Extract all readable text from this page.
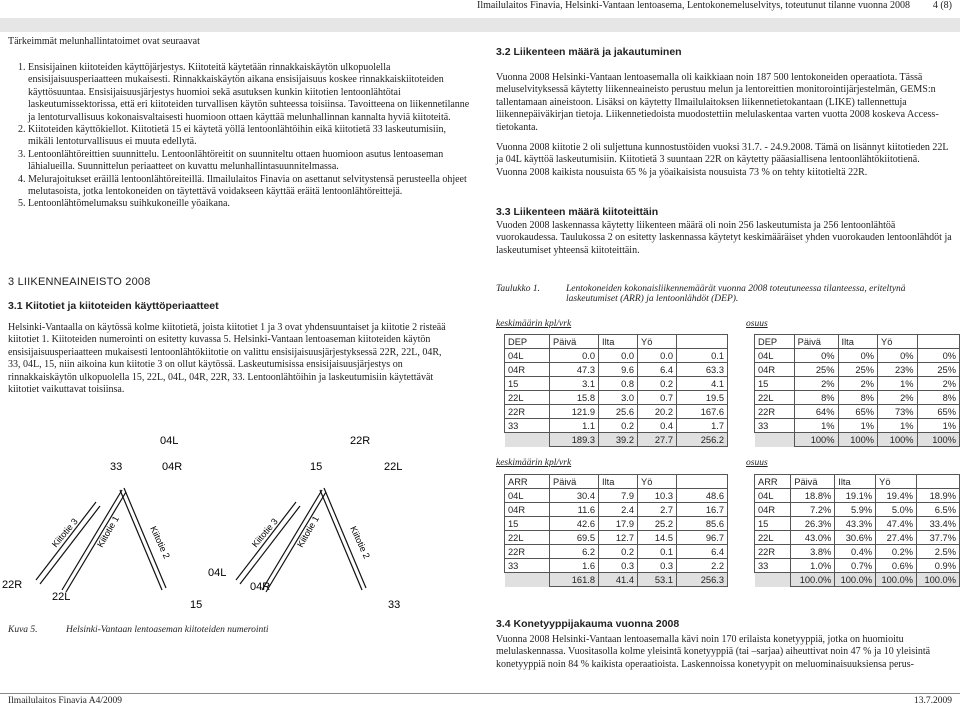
Ilmailulaitos Finavia, Helsinki-Vantaan lentoasema, Lentokonemeluselvitys, toteutunut tilanne vuonna 2008 4 (8)

Tärkeimmät melunhallintatoimet ovat seuraavat

1. Ensisijainen kiitoteiden käyttöjärjestys. Kiitoteitä käytetään rinnakkaiskäytön ulkopuolella ensisijaisuusperiaatteen mukaisesti. Rinnakkaiskäytön aikana ensisijaisuus koskee rinnakkaiskiitoteiden käyttösuuntaa. Ensisijaisuusjärjestys huomioi sekä asutuksen kunkin kiitotien lentoonlähtötai laskeutumissektorissa, että eri kiitoteiden turvallisen käytön suhteessa toisiinsa. Tavoitteena on liikennetilanne ja lentoturvallisuus kokonaisvaltaisesti huomioon ottaen käyttää melunhallinnan kannalta hyviä kiitoteitä.
2. Kiitoteiden käyttökiellot. Kiitotietä 15 ei käytetä yöllä lentoonlähtöihin eikä kiitotietä 33 laskeutumisiin, mikäli lentoturvallisuus ei muuta edellytä.
3. Lentoonlähtöreittien suunnittelu. Lentoonlähtöreitit on suunniteltu ottaen huomioon asutus lentoaseman lähialueilla. Suunnittelun periaatteet on kuvattu melunhallintasuunnitelmassa.
4. Melurajoitukset eräillä lentoonlähtöreiteillä. Ilmailulaitos Finavia on asettanut selvitystensä perusteella ohjeet melutasoista, jotka lentokoneiden on täytettävä voidakseen käyttää eräitä lentoonlähtöreittejä.
5. Lentoonlähtömelumaksu suihkukoneille yöaikana.
3 LIIKENNEAINEISTO 2008
3.1 Kiitotiet ja kiitoteiden käyttöperiaatteet

Helsinki-Vantaalla on käytössä kolme kiitotietä, joista kiitotiet 1 ja 3 ovat yhdensuuntaiset ja kiitotie 2 risteää kiitotiet 1. Kiitoteiden numerointi on esitetty kuvassa 5. Helsinki-Vantaan lentoaseman kiitoteiden käytön ensisijaisuusperiaatteen mukaisesti lentoonlähtökiitotie on valittu ensisijaisuusjärjestyksessä 22R, 22L, 04R, 33, 04L, 15, niin aikoina kun kiitotie 3 on ollut käytössä. Laskeutumisissa ensisijaisuusjärjestys on rinnakkaiskäytön ulkopuolella 15, 22L, 04L, 04R, 22R, 33. Lentoonlähtöihin ja laskeutumisiin käytettävät kiitotiet vaikuttavat toisiinsa.

33	04R
04L
22R
22L
Kiitotie 3 Kiitotie 1	Kiitotie 2
15	22L
22R
04L
04R
15	33
Kiitotie 3 Kiitotie 1	Kiitotie 2
Kuva 5.	Helsinki-Vantaan lentoaseman kiitoteiden numerointi
3.2 Liikenteen määrä ja jakautuminen

Vuonna 2008 Helsinki-Vantaan lentoasemalla oli kaikkiaan noin 187 500 lentokoneiden operaatiota. Tässä meluselvityksessä käytetty liikenneaineisto perustuu melun ja lentoreittien monitorointijärjestelmän, GEMS:n tallentamaan aineistoon. Lisäksi on käytetty Ilmailulaitoksen liikennetietokantaan (LIKE) tallennettuja liikennepäiväkirjan tietoja. Liikennetiedoista muodostettiin melulaskentaa varten vuotta 2008 koskeva Access-tietokanta.

Vuonna 2008 kiitotie 2 oli suljettuna kunnostustöiden vuoksi 31.7. - 24.9.2008. Tämä on lisännyt kiitotieden 22L ja 04L käyttöä laskeutumisiin. Kiitotietä 3 suuntaan 22R on käytetty pääasiallisena lentoonlähtökiitotienä. Vuonna 2008 kaikista nousuista 65 % ja yöaikaisista nousuista 73 % on tehty kiitotieltä 22R.

3.3 Liikenteen määrä kiitoteittäin

Vuoden 2008 laskennassa käytetty liikenteen määrä oli noin 256 laskeutumista ja 256 lentoonlähtöä vuorokaudessa. Taulukossa 2 on esitetty laskennassa käytetyt keskimääräiset yhden vuorokauden lentoonlähdöt ja laskeutumiset yhteensä kiitoteittäin.

Taulukko 1.	Lentokoneiden kokonaisliikennemäärät vuonna 2008 toteutuneessa tilanteessa, eriteltynä laskeutumiset (ARR) ja lentoonlähdöt (DEP).
keskimäärin kpl/vrk	osuus
keskimäärin kpl/vrk	osuus
DEP	Päivä	Ilta	Yö	
04L	0.0	0.0	0.0	0.1
04R	47.3	9.6	6.4	63.3
15	3.1	0.8	0.2	4.1
22L	15.8	3.0	0.7	19.5
22R	121.9	25.6	20.2	167.6
33	1.1	0.2	0.4	1.7
	189.3	39.2	27.7	256.2
DEP	Päivä	Ilta	Yö	
04L	0%	0%	0%	0%
04R	25%	25%	23%	25%
15	2%	2%	1%	2%
22L	8%	8%	2%	8%
22R	64%	65%	73%	65%
33	1%	1%	1%	1%
	100%	100%	100%	100%
ARR	Päivä	Ilta	Yö	
04L	30.4	7.9	10.3	48.6
04R	11.6	2.4	2.7	16.7
15	42.6	17.9	25.2	85.6
22L	69.5	12.7	14.5	96.7
22R	6.2	0.2	0.1	6.4
33	1.6	0.3	0.3	2.2
	161.8	41.4	53.1	256.3
ARR	Päivä	Ilta	Yö	
04L	18.8%	19.1%	19.4%	18.9%
04R	7.2%	5.9%	5.0%	6.5%
15	26.3%	43.3%	47.4%	33.4%
22L	43.0%	30.6%	27.4%	37.7%
22R	3.8%	0.4%	0.2%	2.5%
33	1.0%	0.7%	0.6%	0.9%
	100.0%	100.0%	100.0%	100.0%
3.4 Konetyyppijakauma vuonna 2008

Vuonna 2008 Helsinki-Vantaan lentoasemalla kävi noin 170 erilaista konetyyppiä, jotka on huomioitu melulaskennassa. Vuositasolla kolme yleisintä konetyyppiä (tai –sarjaa) aiheuttivat noin 47 % ja 10 yleisintä konetyyppiä noin 84 % kaikista operaatioista. Laskennoissa konetyypit on meluominaisuuksiensa perus-

Ilmailulaitos Finavia A4/2009	13.7.2009
